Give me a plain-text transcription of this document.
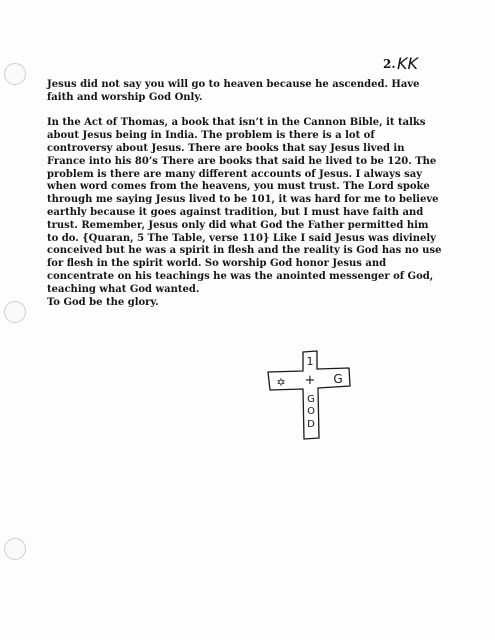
2. KK

Jesus did not say you will go to heaven because he ascended. Have
faith and worship God Only.

In the Act of Thomas, a book that isn’t in the Cannon Bible, it talks
about Jesus being in India. The problem is there is a lot of
controversy about Jesus. There are books that say Jesus lived in
France into his 80’s There are books that said he lived to be 120. The
problem is there are many different accounts of Jesus. I always say
when word comes from the heavens, you must trust. The Lord spoke
through me saying Jesus lived to be 101, it was hard for me to believe
earthly because it goes against tradition, but I must have faith and
trust. Remember, Jesus only did what God the Father permitted him
to do. {Quaran, 5 The Table, verse 110} Like I said Jesus was divinely
conceived but he was a spirit in flesh and the reality is God has no use
for flesh in the spirit world. So worship God honor Jesus and
concentrate on his teachings he was the anointed messenger of God,
teaching what God wanted.
To God be the glory.

1
✡ + G
G
O
D
